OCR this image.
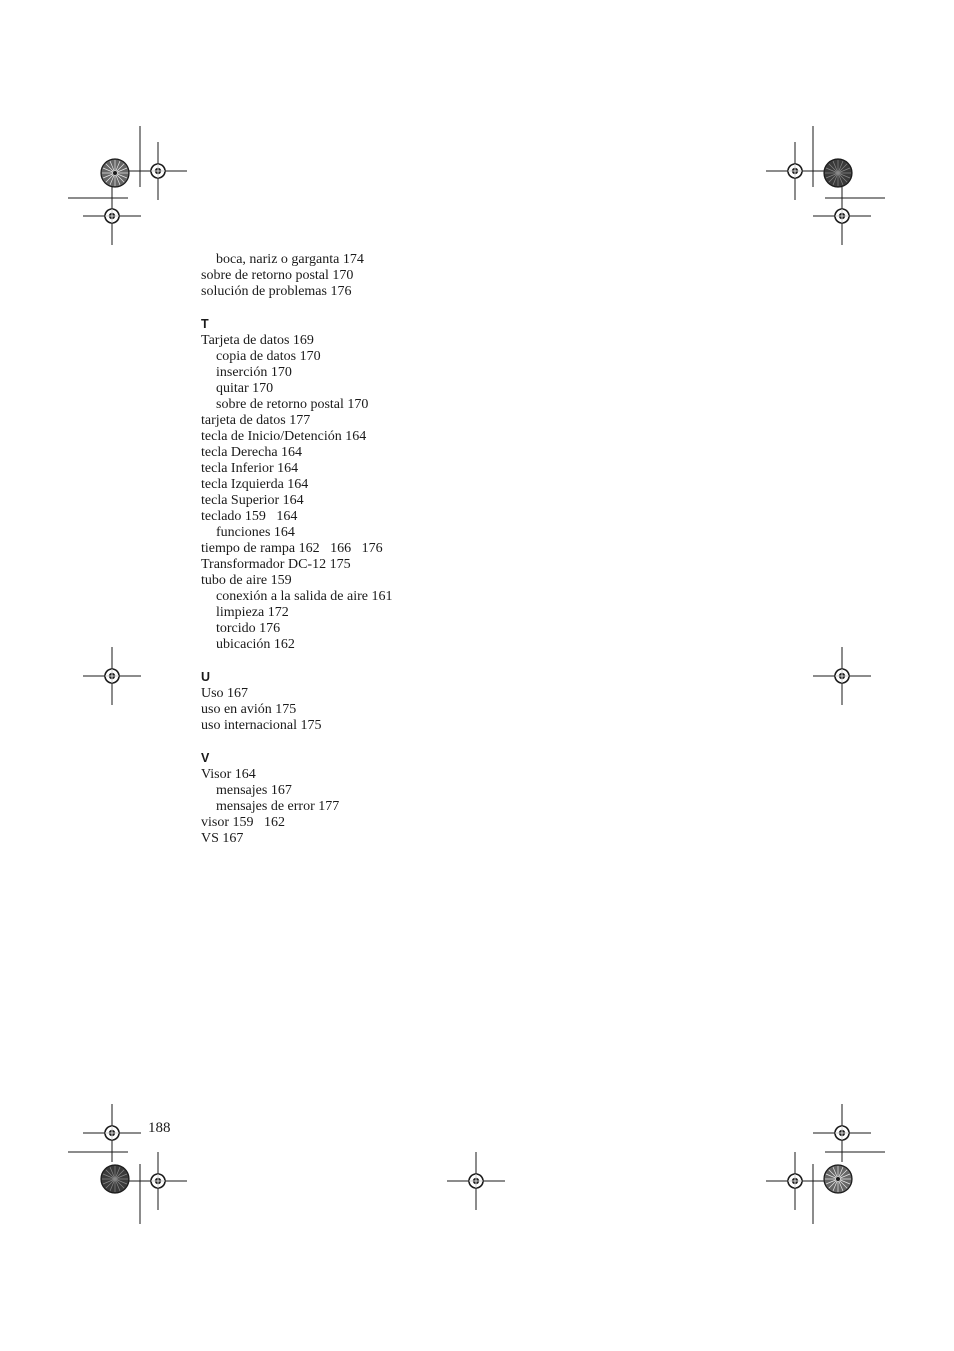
boca, nariz o garganta 174
sobre de retorno postal 170
solución de problemas 176
T
Tarjeta de datos 169
copia de datos 170
inserción 170
quitar 170
sobre de retorno postal 170
tarjeta de datos 177
tecla de Inicio/Detención 164
tecla Derecha 164
tecla Inferior 164
tecla Izquierda 164
tecla Superior 164
teclado 159   164
funciones 164
tiempo de rampa 162   166   176
Transformador DC-12 175
tubo de aire 159
conexión a la salida de aire 161
limpieza 172
torcido 176
ubicación 162
U
Uso 167
uso en avión 175
uso internacional 175
V
Visor 164
mensajes 167
mensajes de error 177
visor 159   162
VS 167
188
